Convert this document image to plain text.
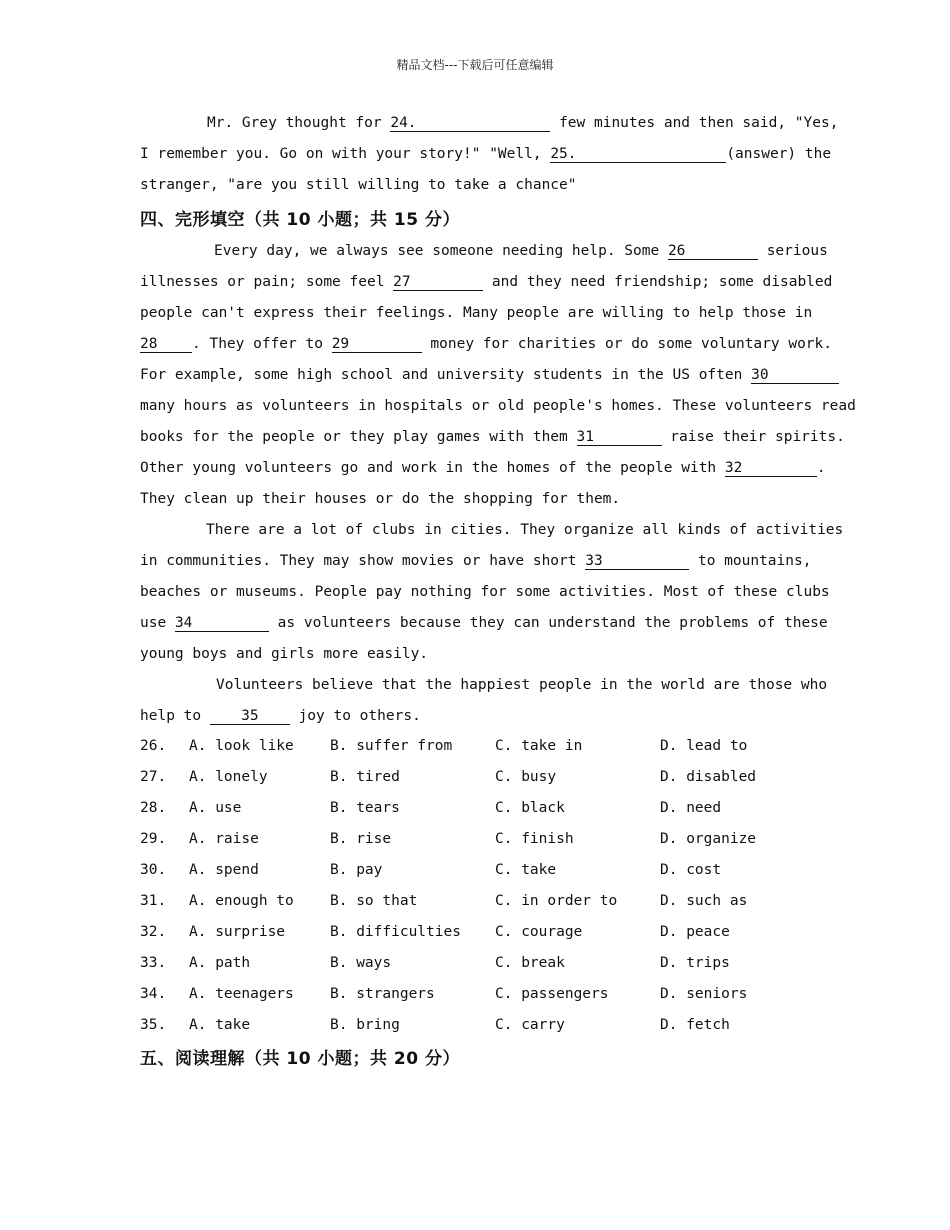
精品文档---下载后可任意编辑
Mr. Grey thought for 24.	few minutes and then said, "Yes,
I remember you. Go on with your story!" "Well, 25.	(answer) the
stranger, "are you still willing to take a chance"
四、完形填空（共 10 小题；共 15 分）
Every day, we always see someone needing help. Some 26	serious
illnesses or pain; some feel 27	and they need friendship; some disabled
people can't express their feelings. Many people are willing to help those in
28 . They offer to 29	money for charities or do some voluntary work.
For example, some high school and university students in the US often 30
many hours as volunteers in hospitals or old people's homes. These volunteers read
books for the people or they play games with them 31	raise their spirits.
Other young volunteers go and work in the homes of the people with 32	.
They clean up their houses or do the shopping for them.
There are a lot of clubs in cities. They organize all kinds of activities
in communities. They may show movies or have short 33	to mountains,
beaches or museums. People pay nothing for some activities. Most of these clubs
use 34	as volunteers because they can understand the problems of these
young boys and girls more easily.
Volunteers believe that the happiest people in the world are those who
help to	35	joy to others.
26. A. look like B. suffer from	C. take in	D. lead to
27. A. lonely	B. tired	C. busy	D. disabled
28. A. use	B. tears	C. black	D. need
29. A. raise	B. rise	C. finish	D. organize
30. A. spend	B. pay	C. take	D. cost
31. A. enough to B. so that	C. in order to	D. such as
32. A. surprise	B. difficulties C. courage	D. peace
33. A. path	B. ways	C. break	D. trips
34. A. teenagers B. strangers	C. passengers	D. seniors
35. A. take	B. bring	C. carry	D. fetch
五、阅读理解（共 10 小题；共 20 分）
